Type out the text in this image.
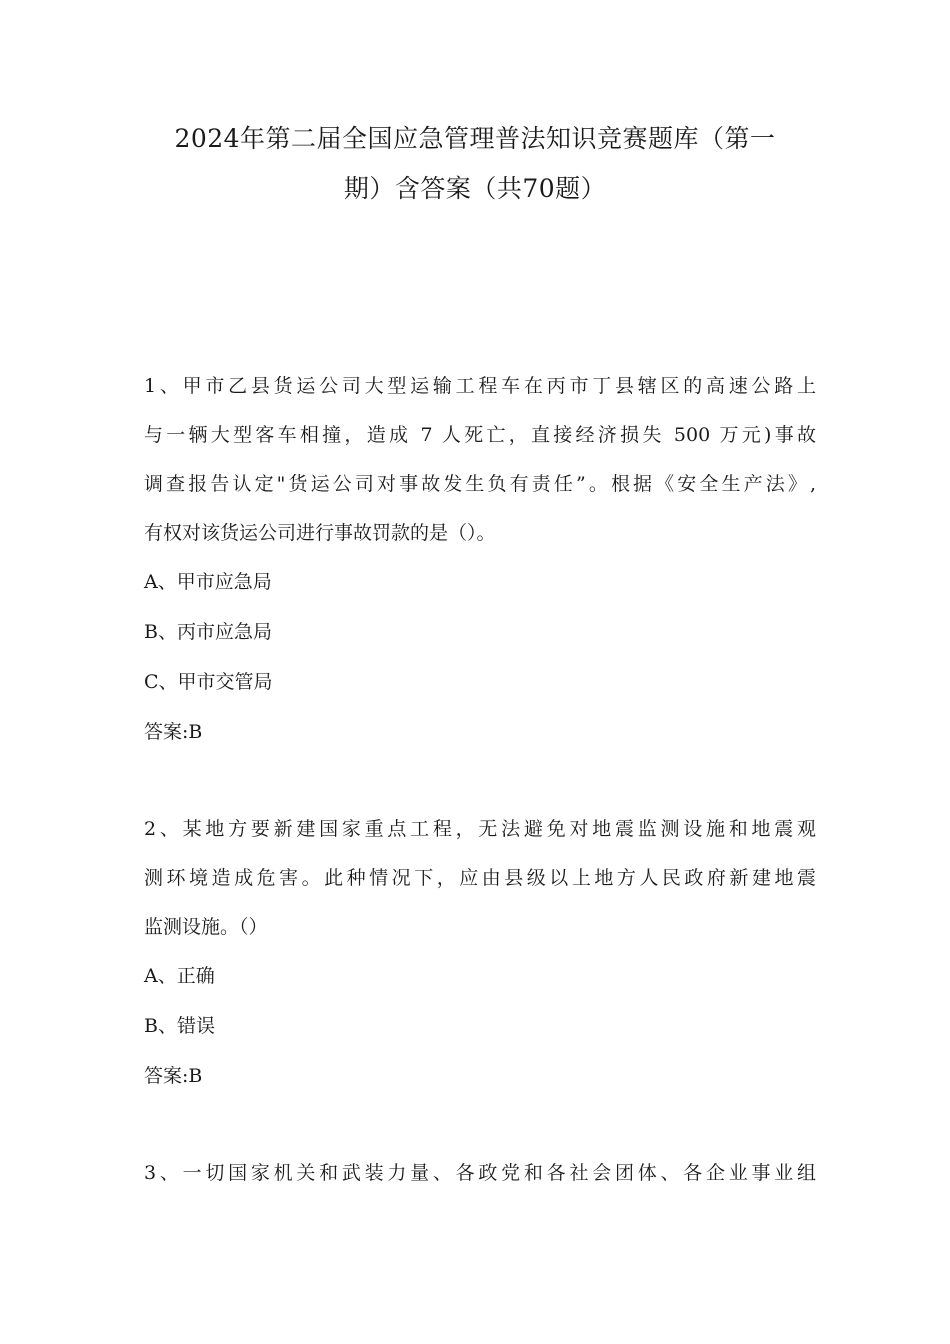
2024年第二届全国应急管理普法知识竞赛题库（第一
期）含答案（共70题）
1、甲市乙县货运公司大型运输工程车在丙市丁县辖区的高速公路上
与一辆大型客车相撞，造成 7 人死亡，直接经济损失 500 万元)事故
调查报告认定"货运公司对事故发生负有责任”。根据《安全生产法》,
有权对该货运公司进行事故罚款的是（）。
A、甲市应急局
B、丙市应急局
C、甲市交管局
答案:B
2、某地方要新建国家重点工程，无法避免对地震监测设施和地震观
测环境造成危害。此种情况下，应由县级以上地方人民政府新建地震
监测设施。（）
A、正确
B、错误
答案:B
3、一切国家机关和武装力量、各政党和各社会团体、各企业事业组
